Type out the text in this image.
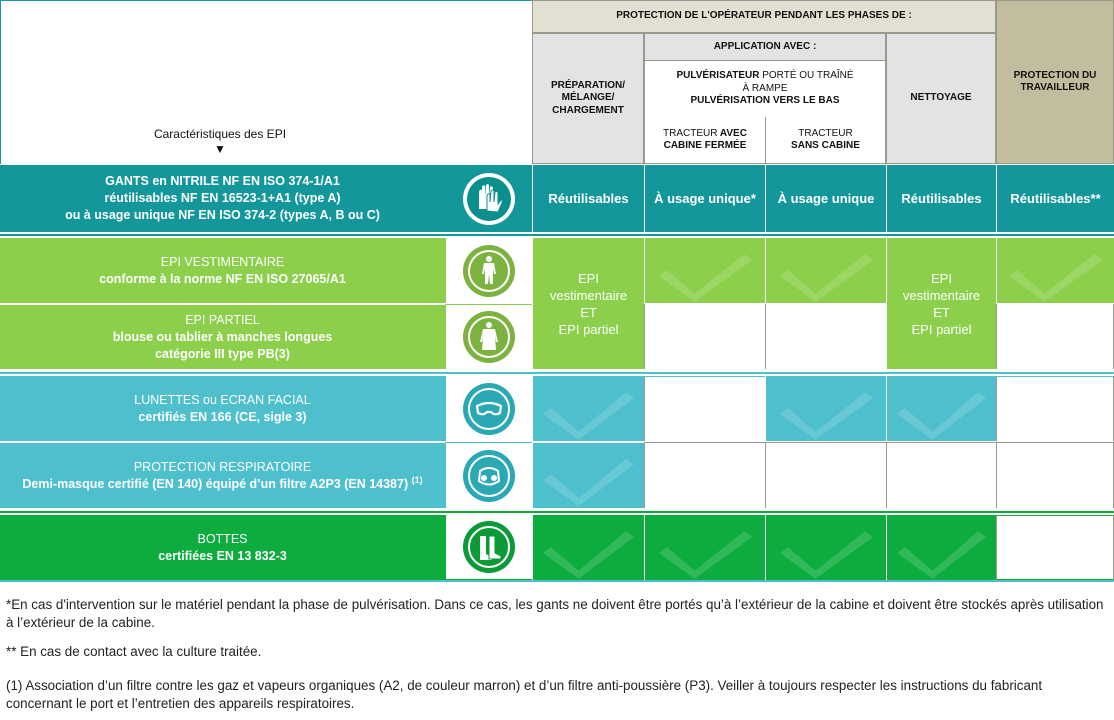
Caractéristiques des EPI
▼
PROTECTION DE L'OPÉRATEUR PENDANT LES PHASES DE :
PROTECTION DU TRAVAILLEUR
PRÉPARATION/ MÉLANGE/ CHARGEMENT
APPLICATION AVEC :
PULVÉRISATEUR PORTÉ OU TRAÎNÉ
À RAMPE
PULVÉRISATION VERS LE BAS
TRACTEUR AVEC
CABINE FERMÉE
TRACTEUR
SANS CABINE
NETTOYAGE
GANTS en NITRILE NF EN ISO 374-1/A1
réutilisables NF EN 16523-1+A1 (type A)
ou à usage unique NF EN ISO 374-2 (types A, B ou C)
Réutilisables À usage unique* À usage unique Réutilisables Réutilisables**
EPI VESTIMENTAIRE
conforme à la norme NF EN ISO 27065/A1	EPI
vestimentaire
ET
EPI partiel
EPI
vestimentaire
ET
EPI partiel
EPI PARTIEL
blouse ou tablier à manches longues
catégorie III type PB(3)
LUNETTES ou ECRAN FACIAL
certifiés EN 166 (CE, sigle 3)
PROTECTION RESPIRATOIRE
Demi-masque certifié (EN 140) équipé d’un filtre A2P3 (EN 14387) $^{(1)}$
BOTTES
certifiées EN 13 832-3
*En cas d'intervention sur le matériel pendant la phase de pulvérisation. Dans ce cas, les gants ne doivent être portés qu’à l’extérieur de la cabine et doivent être stockés après utilisation à l’extérieur de la cabine.
** En cas de contact avec la culture traitée.
(1) Association d’un filtre contre les gaz et vapeurs organiques (A2, de couleur marron) et d’un filtre anti-poussière (P3). Veiller à toujours respecter les instructions du fabricant concernant le port et l’entretien des appareils respiratoires.
